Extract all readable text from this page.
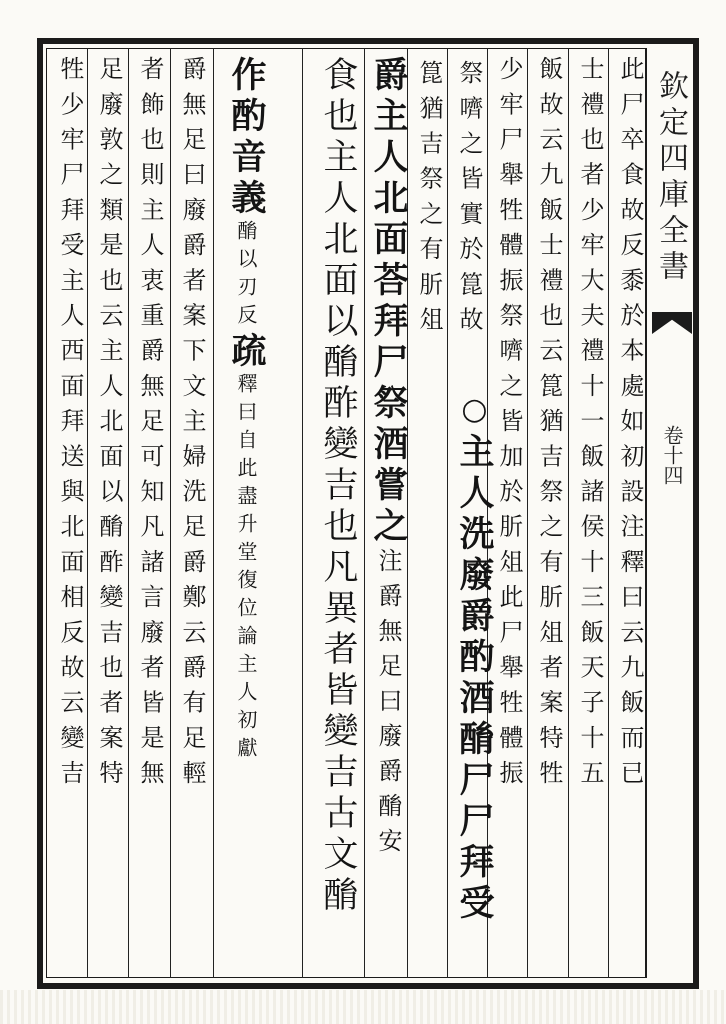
欽定四庫全書
卷十四
此尸卒食故反黍於本處如初設注釋曰云九飯而已
士禮也者少牢大夫禮十一飯諸侯十三飯天子十五
飯故云九飯士禮也云箟猶吉祭之有肵俎者案特牲
少牢尸舉牲體振祭嚌之皆加於肵俎此尸舉牲體振
祭嚌之皆實於箟故
箟猶吉祭之有肵俎
○主人洗廢爵酌酒酳尸尸拜受
爵主人北面荅拜尸祭酒嘗之注爵無足曰廢爵酳安
食也主人北面以酳酢變吉也凡異者皆變吉古文酳
作酌音義酳以刃反疏釋曰自此盡升堂復位論主人初獻
爵無足曰廢爵者案下文主婦洗足爵鄭云爵有足輕
者飾也則主人衷重爵無足可知凡諸言廢者皆是無
足廢敦之類是也云主人北面以酳酢變吉也者案特
牲少牢尸拜受主人西面拜送與北面相反故云變吉
